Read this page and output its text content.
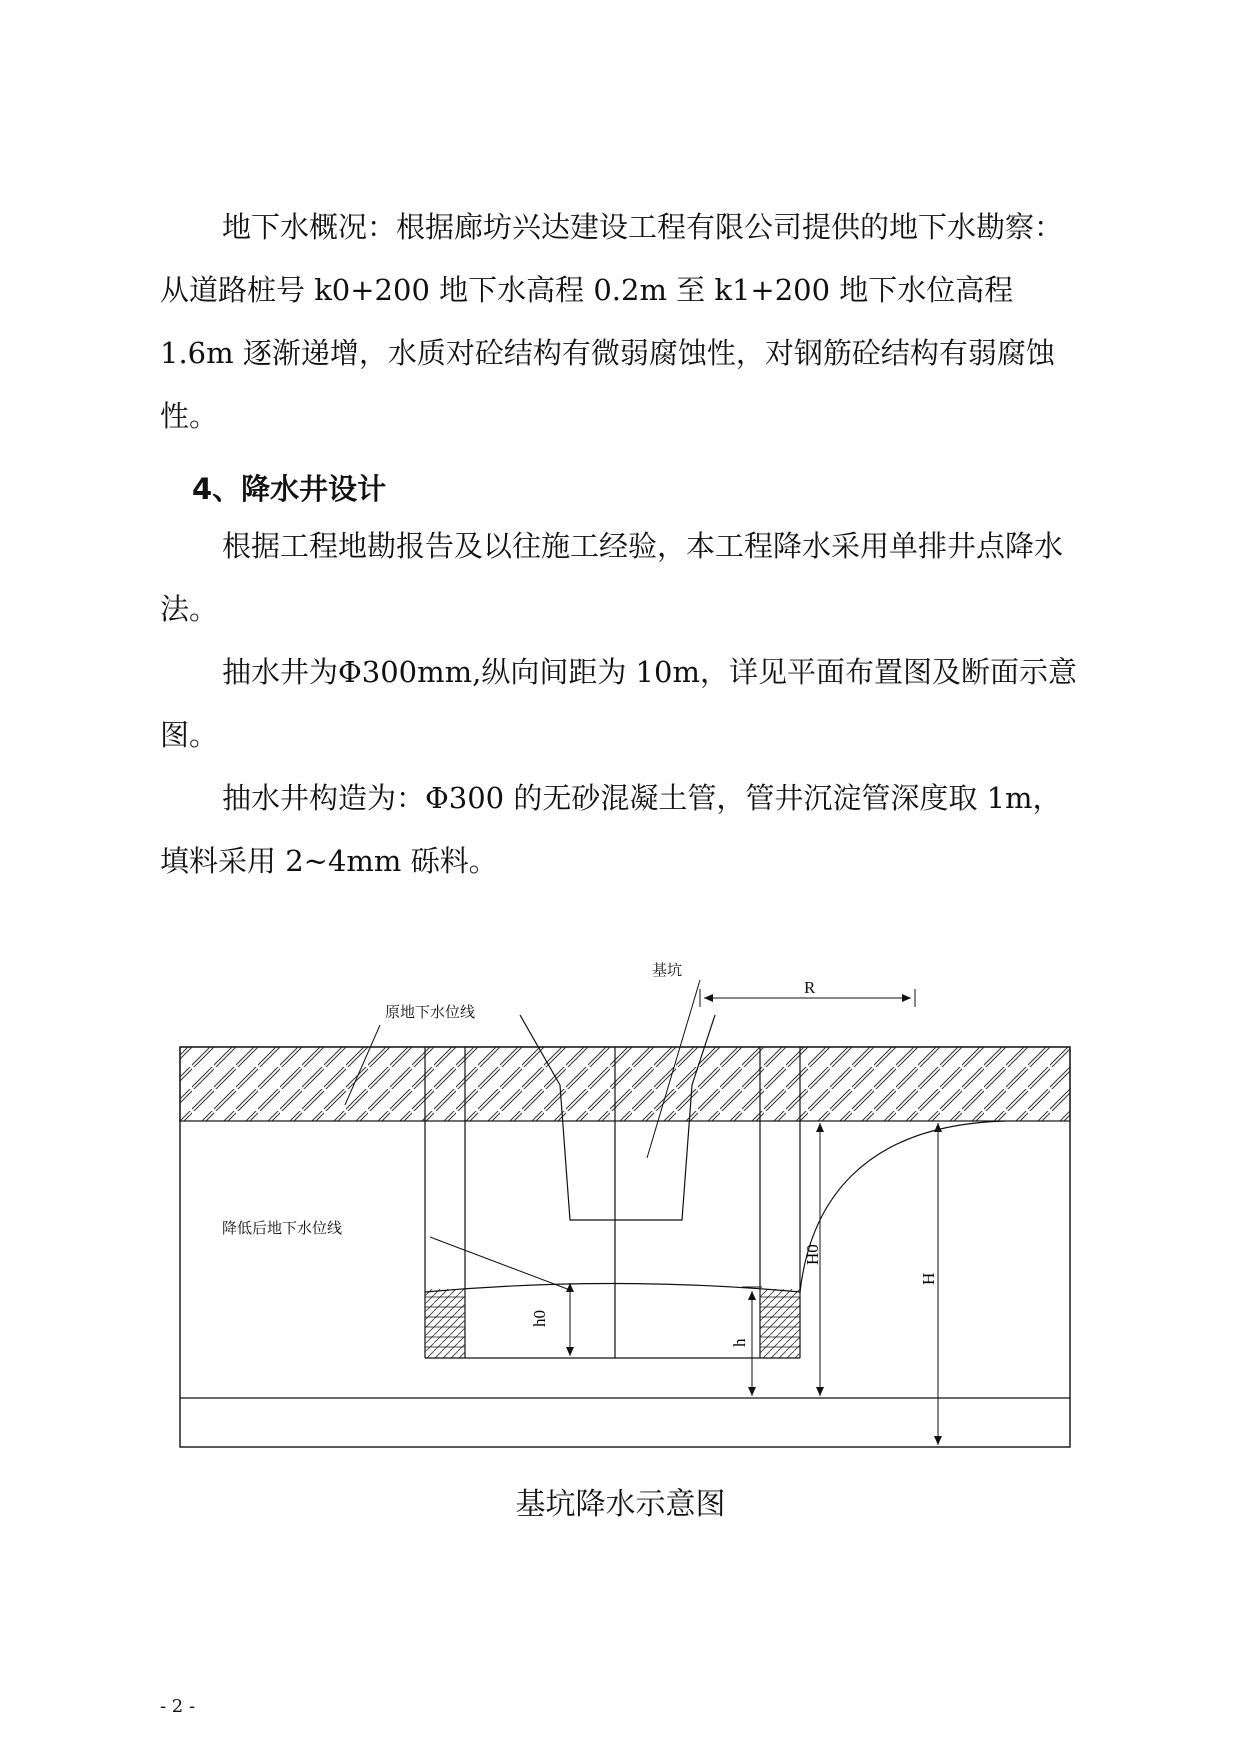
地下水概况：根据廊坊兴达建设工程有限公司提供的地下水勘察：从道路桩号 k0+200 地下水高程 0.2m 至 k1+200 地下水位高程 1.6m 逐渐递增，水质对砼结构有微弱腐蚀性，对钢筋砼结构有弱腐蚀性。

4、降水井设计

根据工程地勘报告及以往施工经验，本工程降水采用单排井点降水法。

抽水井为Φ300mm,纵向间距为 10m，详见平面布置图及断面示意图。

抽水井构造为：Φ300 的无砂混凝土管，管井沉淀管深度取 1m，填料采用 2~4mm 砾料。

原地下水位线
基坑
降低后地下水位线
R
h0
h
H0
H

基坑降水示意图

- 2 -
